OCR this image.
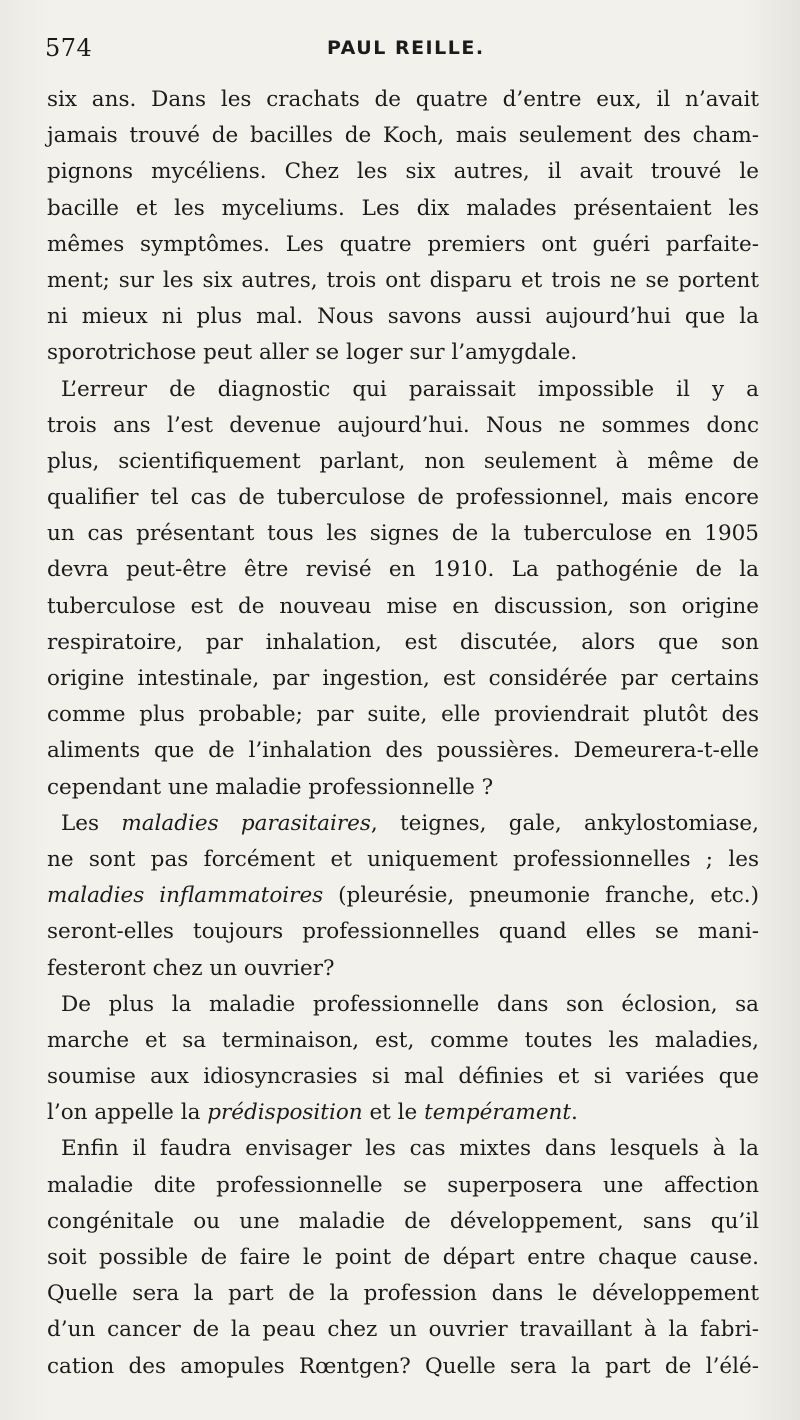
574	PAUL REILLE.
six ans. Dans les crachats de quatre d’entre eux, il n’avait
jamais trouvé de bacilles de Koch, mais seulement des cham-
pignons mycéliens. Chez les six autres, il avait trouvé le
bacille et les myceliums. Les dix malades présentaient les
mêmes symptômes. Les quatre premiers ont guéri parfaite-
ment; sur les six autres, trois ont disparu et trois ne se portent
ni mieux ni plus mal. Nous savons aussi aujourd’hui que la
sporotrichose peut aller se loger sur l’amygdale.
L’erreur de diagnostic qui paraissait impossible il y a
trois ans l’est devenue aujourd’hui. Nous ne sommes donc
plus, scientifiquement parlant, non seulement à même de
qualifier tel cas de tuberculose de professionnel, mais encore
un cas présentant tous les signes de la tuberculose en 1905
devra peut-être être revisé en 1910. La pathogénie de la
tuberculose est de nouveau mise en discussion, son origine
respiratoire, par inhalation, est discutée, alors que son
origine intestinale, par ingestion, est considérée par certains
comme plus probable; par suite, elle proviendrait plutôt des
aliments que de l’inhalation des poussières. Demeurera-t-elle
cependant une maladie professionnelle ?
Les maladies parasitaires, teignes, gale, ankylostomiase,
ne sont pas forcément et uniquement professionnelles ; les
maladies inflammatoires (pleurésie, pneumonie franche, etc.)
seront-elles toujours professionnelles quand elles se mani-
festeront chez un ouvrier?
De plus la maladie professionnelle dans son éclosion, sa
marche et sa terminaison, est, comme toutes les maladies,
soumise aux idiosyncrasies si mal définies et si variées que
l’on appelle la prédisposition et le tempérament.
Enfin il faudra envisager les cas mixtes dans lesquels à la
maladie dite professionnelle se superposera une affection
congénitale ou une maladie de développement, sans qu’il
soit possible de faire le point de départ entre chaque cause.
Quelle sera la part de la profession dans le développement
d’un cancer de la peau chez un ouvrier travaillant à la fabri-
cation des amopules Rœntgen? Quelle sera la part de l’élé-
